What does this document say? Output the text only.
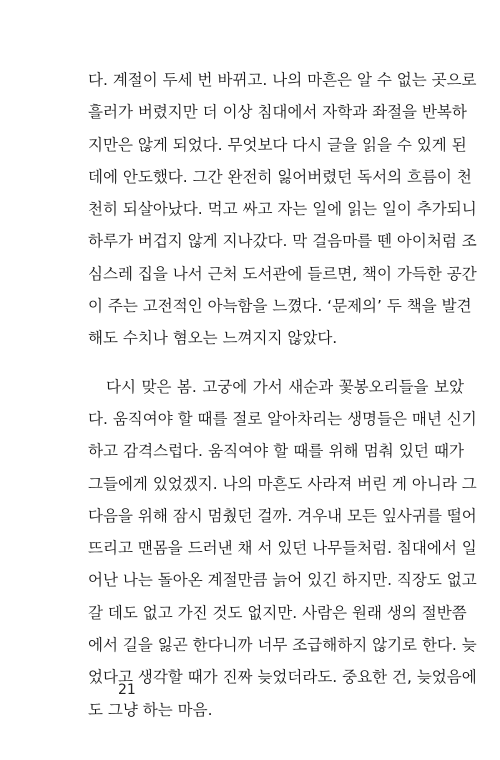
다. 계절이 두세 번 바뀌고. 나의 마흔은 알 수 없는 곳으로
흘러가 버렸지만 더 이상 침대에서 자학과 좌절을 반복하
지만은 않게 되었다. 무엇보다 다시 글을 읽을 수 있게 된
데에 안도했다. 그간 완전히 잃어버렸던 독서의 흐름이 천
천히 되살아났다. 먹고 싸고 자는 일에 읽는 일이 추가되니
하루가 버겁지 않게 지나갔다. 막 걸음마를 뗀 아이처럼 조
심스레 집을 나서 근처 도서관에 들르면, 책이 가득한 공간
이 주는 고전적인 아늑함을 느꼈다. ‘문제의’ 두 책을 발견
해도 수치나 혐오는 느껴지지 않았다.
다시 맞은 봄. 고궁에 가서 새순과 꽃봉오리들을 보았
다. 움직여야 할 때를 절로 알아차리는 생명들은 매년 신기
하고 감격스럽다. 움직여야 할 때를 위해 멈춰 있던 때가
그들에게 있었겠지. 나의 마흔도 사라져 버린 게 아니라 그
다음을 위해 잠시 멈췄던 걸까. 겨우내 모든 잎사귀를 떨어
뜨리고 맨몸을 드러낸 채 서 있던 나무들처럼. 침대에서 일
어난 나는 돌아온 계절만큼 늙어 있긴 하지만. 직장도 없고
갈 데도 없고 가진 것도 없지만. 사람은 원래 생의 절반쯤
에서 길을 잃곤 한다니까 너무 조급해하지 않기로 한다. 늦
었다고 생각할 때가 진짜 늦었더라도. 중요한 건, 늦었음에
도 그냥 하는 마음.
21
